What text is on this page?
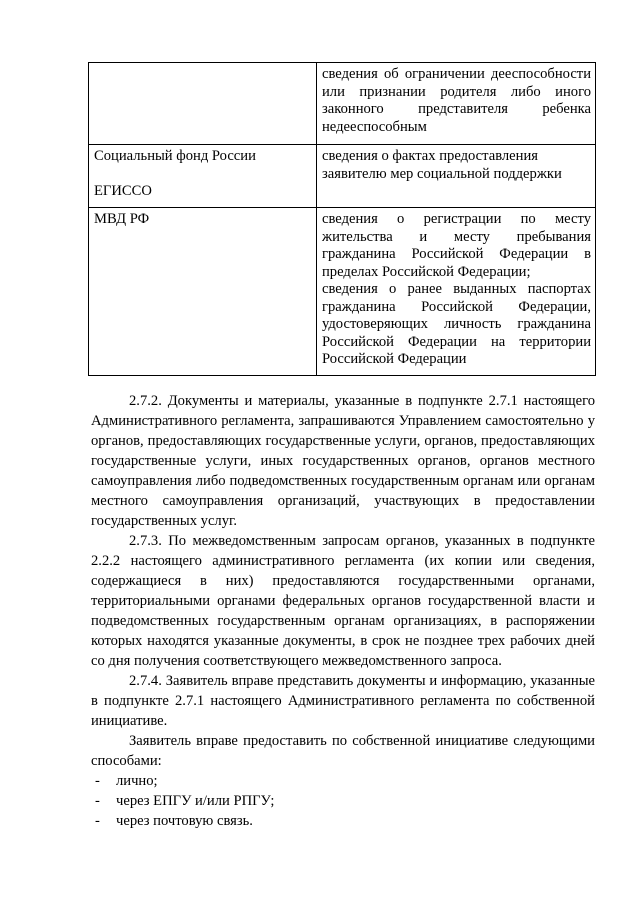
	сведения об ограничении дееспособности или признании родителя либо иного законного представителя ребенка недееспособным

Социальный фонд России
ЕГИССО	сведения о фактах предоставления заявителю мер социальной поддержки

МВД РФ	сведения о регистрации по месту жительства и месту пребывания гражданина Российской Федерации в пределах Российской Федерации;
сведения о ранее выданных паспортах гражданина Российской Федерации, удостоверяющих личность гражданина Российской Федерации на территории Российской Федерации

2.7.2. Документы и материалы, указанные в подпункте 2.7.1 настоящего Административного регламента, запрашиваются Управлением самостоятельно у органов, предоставляющих государственные услуги, органов, предоставляющих государственные услуги, иных государственных органов, органов местного самоуправления либо подведомственных государственным органам или органам местного самоуправления организаций, участвующих в предоставлении государственных услуг.

2.7.3. По межведомственным запросам органов, указанных в подпункте 2.2.2 настоящего административного регламента (их копии или сведения, содержащиеся в них) предоставляются государственными органами, территориальными органами федеральных органов государственной власти и подведомственных государственным органам организациях, в распоряжении которых находятся указанные документы, в срок не позднее трех рабочих дней со дня получения соответствующего межведомственного запроса.

2.7.4. Заявитель вправе представить документы и информацию, указанные в подпункте 2.7.1 настоящего Административного регламента по собственной инициативе.

Заявитель вправе предоставить по собственной инициативе следующими способами:

- лично;
- через ЕПГУ и/или РПГУ;
- через почтовую связь.
